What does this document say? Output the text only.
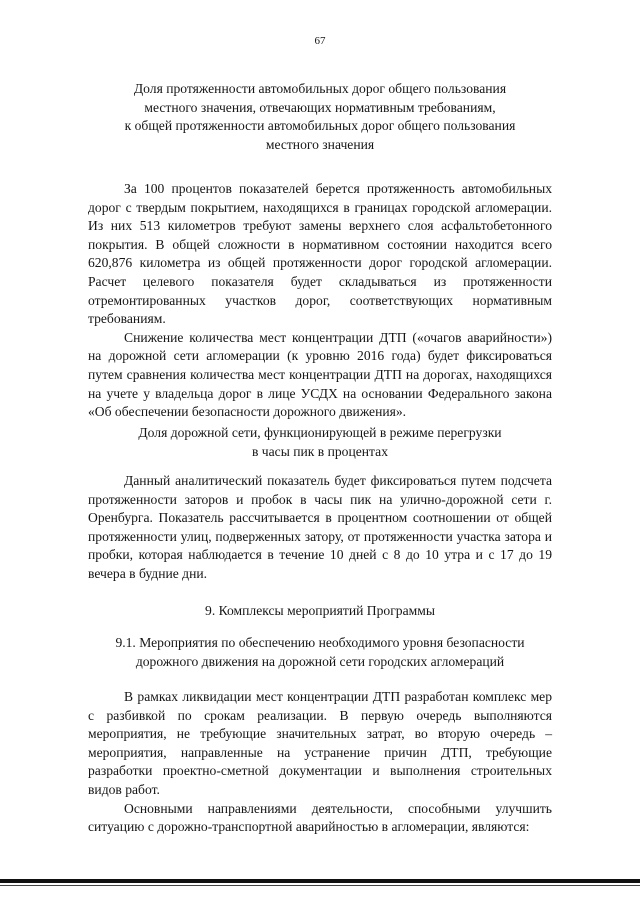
67
Доля протяженности автомобильных дорог общего пользования
местного значения, отвечающих нормативным требованиям,
к общей протяженности автомобильных дорог общего пользования
местного значения

За 100 процентов показателей берется протяженность автомобильных дорог с твердым покрытием, находящихся в границах городской агломерации. Из них 513 километров требуют замены верхнего слоя асфальтобетонного покрытия. В общей сложности в нормативном состоянии находится всего 620,876 километра из общей протяженности дорог городской агломерации. Расчет целевого показателя будет складываться из протяженности отремонтированных участков дорог, соответствующих нормативным требованиям.

Снижение количества мест концентрации ДТП («очагов аварийности») на дорожной сети агломерации (к уровню 2016 года) будет фиксироваться путем сравнения количества мест концентрации ДТП на дорогах, находящихся на учете у владельца дорог в лице УСДХ на основании Федерального закона «Об обеспечении безопасности дорожного движения».

Доля дорожной сети, функционирующей в режиме перегрузки
в часы пик в процентах

Данный аналитический показатель будет фиксироваться путем подсчета протяженности заторов и пробок в часы пик на улично-дорожной сети г. Оренбурга. Показатель рассчитывается в процентном соотношении от общей протяженности улиц, подверженных затору, от протяженности участка затора и пробки, которая наблюдается в течение 10 дней с 8 до 10 утра и с 17 до 19 вечера в будние дни.

9. Комплексы мероприятий Программы
9.1. Мероприятия по обеспечению необходимого уровня безопасности
дорожного движения на дорожной сети городских агломераций

В рамках ликвидации мест концентрации ДТП разработан комплекс мер с разбивкой по срокам реализации. В первую очередь выполняются мероприятия, не требующие значительных затрат, во вторую очередь – мероприятия, направленные на устранение причин ДТП, требующие разработки проектно-сметной документации и выполнения строительных видов работ.

Основными направлениями деятельности, способными улучшить ситуацию с дорожно-транспортной аварийностью в агломерации, являются:
